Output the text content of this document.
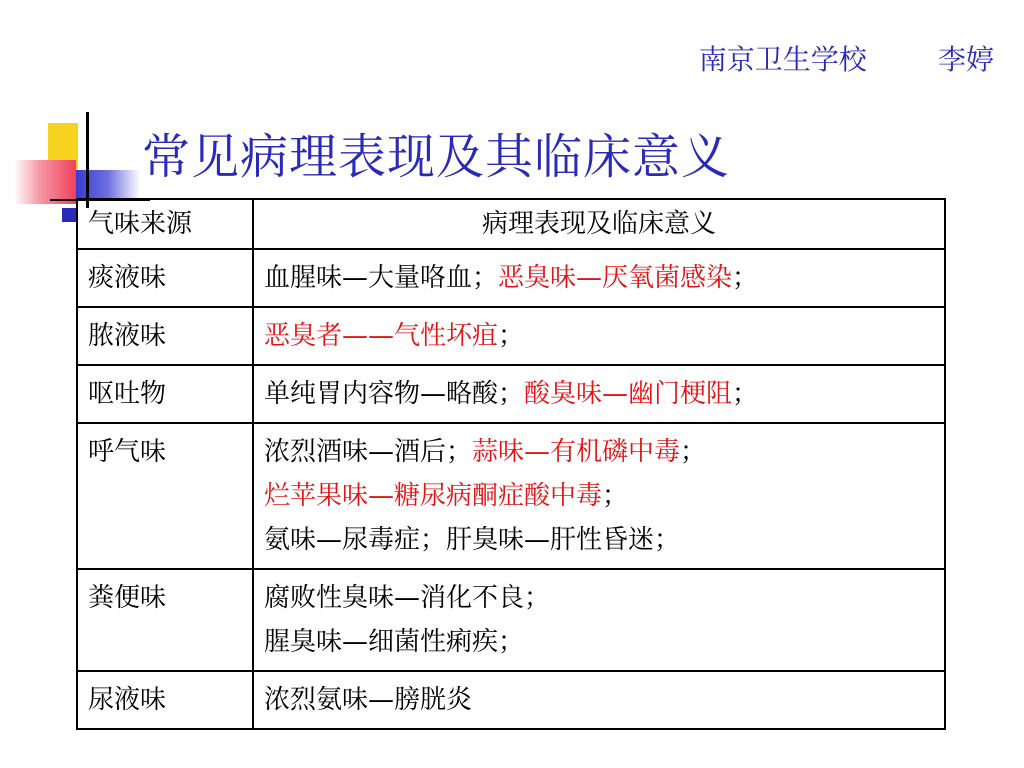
南京卫生学校	李婷
常见病理表现及其临床意义
气味来源	病理表现及临床意义
痰液味	血腥味—大量咯血；恶臭味—厌氧菌感染；

脓液味	恶臭者——气性坏疽；

呕吐物	单纯胃内容物—略酸；酸臭味—幽门梗阻；

呼气味	浓烈酒味—酒后；蒜味—有机磷中毒；
烂苹果味—糖尿病酮症酸中毒；
氨味—尿毒症；肝臭味—肝性昏迷；

粪便味	腐败性臭味—消化不良；
腥臭味—细菌性痢疾；

尿液味	浓烈氨味—膀胱炎
